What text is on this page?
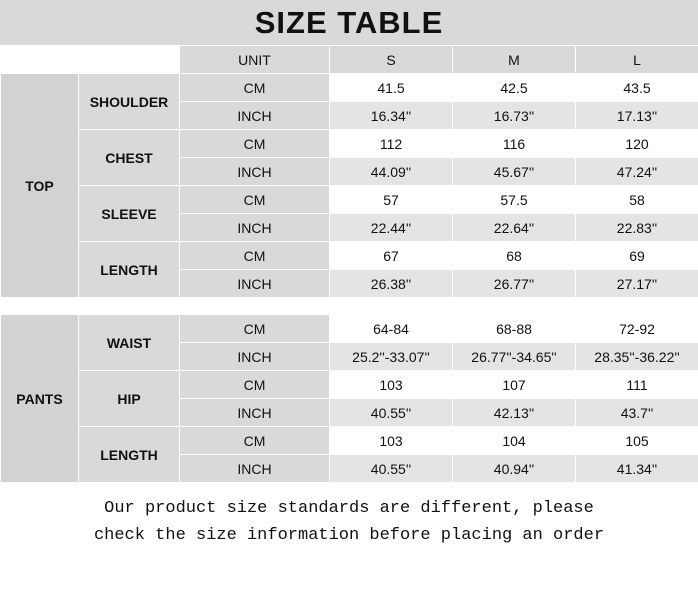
SIZE TABLE
		UNIT	S	M	L
TOP	SHOULDER	CM	41.5	42.5	43.5
		INCH	16.34''	16.73''	17.13''
	CHEST	CM	112	116	120
		INCH	44.09''	45.67''	47.24''
	SLEEVE	CM	57	57.5	58
		INCH	22.44''	22.64''	22.83''
	LENGTH	CM	67	68	69
		INCH	26.38''	26.77''	27.17''
PANTS	WAIST	CM	64-84	68-88	72-92
		INCH	25.2''-33.07''	26.77''-34.65''	28.35''-36.22''
	HIP	CM	103	107	111
		INCH	40.55''	42.13''	43.7''
	LENGTH	CM	103	104	105
		INCH	40.55''	40.94''	41.34''
Our product size standards are different, please
check the size information before placing an order
